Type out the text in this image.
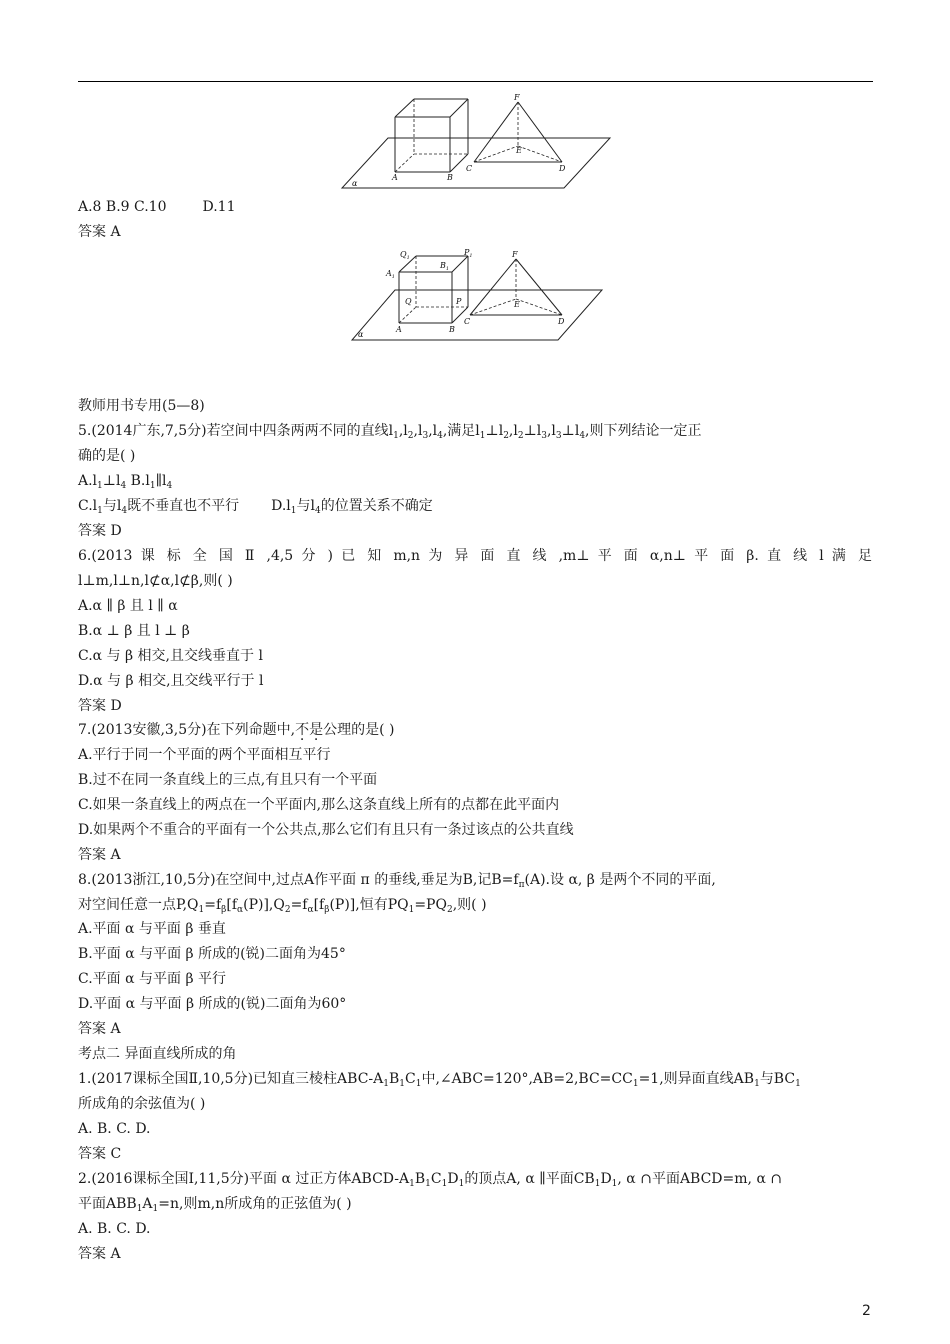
F
E
A	B
C	D
α
A.8 B.9 C.10	D.11
答案 A
$Q_1$
$P_1$
$A_1$
$B_1$
Q	P
F
E
A	B
C	D
α
教师用书专用(5—8)
5.(2014广东,7,5分)若空间中四条两两不同的直线$l_1,l_2,l_3,l_4$,满足$l_1\perp l_2,l_2\perp l_3,l_3\perp l_4$,则下列结论一定正
确的是( )
$A.l_1\perp l_4$ $B.l_1\parallel l_4$
$C.l_1$与$l_4$既不垂直也不平行 $D.l_1$与$l_4$的位置关系不确定
答案 D
6.(2013 课 标 全 国 Ⅱ ,4,5 分 ) 已 知 m,n 为 异 面 直 线 ,m⊥ 平 面 α,n⊥ 平 面 β. 直 线 l 满 足
l⊥m,l⊥n,l⊄α,l⊄β,则( )
A.α ∥ β 且 l ∥ α
B.α ⊥ β 且 l ⊥ β
C.α 与 β 相交,且交线垂直于 l
D.α 与 β 相交,且交线平行于 l
答案 D
7.(2013安徽,3,5分)在下列命题中,不是公理的是( )
A.平行于同一个平面的两个平面相互平行
B.过不在同一条直线上的三点,有且只有一个平面
C.如果一条直线上的两点在一个平面内,那么这条直线上所有的点都在此平面内
D.如果两个不重合的平面有一个公共点,那么它们有且只有一条过该点的公共直线
答案 A
8.(2013浙江,10,5分)在空间中,过点A作平面 π 的垂线,垂足为B,记$B=f_\pi(A)$.设 α, β 是两个不同的平面,
对空间任意一点$P,Q_1=f_\beta[f_\alpha(P)],Q_2=f_\alpha[f_\beta(P)]$,恒有$PQ_1=PQ_2$,则( )
A.平面 α 与平面 β 垂直
B.平面 α 与平面 β 所成的(锐)二面角为45°
C.平面 α 与平面 β 平行
D.平面 α 与平面 β 所成的(锐)二面角为60°
答案 A
考点二 异面直线所成的角
1.(2017课标全国Ⅱ,10,5分)已知直三棱柱ABC-$A_1B_1C_1$中$,\angle ABC=120^\circ,AB=2,BC=CC_1=1$,则异面直线$AB_1$与$BC_1$
所成角的余弦值为( )
A. B. C. D.
答案 C
2.(2016课标全国Ⅰ,11,5分)平面 α 过正方体ABCD-$A_1B_1C_1D_1$的顶点A, α ∥平面$CB_1D_1$, α ∩平面ABCD=m, α ∩
平面$ABB_1A_1=n$,则m,n所成角的正弦值为( )
A. B. C. D.
答案 A
2
